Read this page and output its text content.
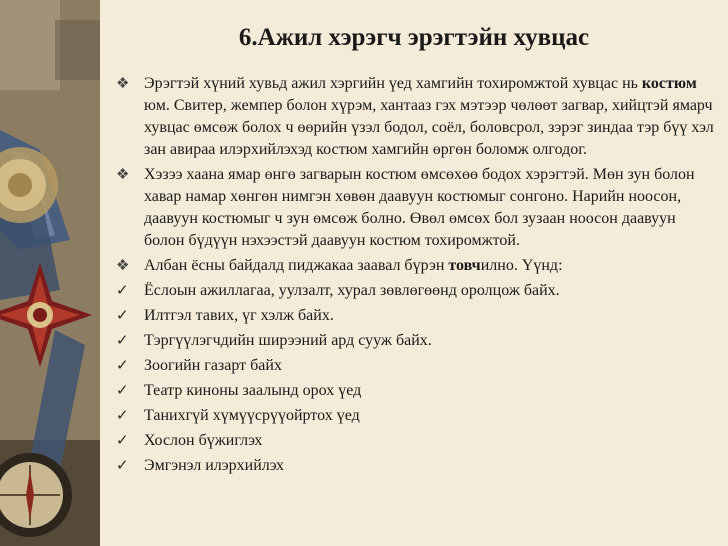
6.Ажил хэрэгч эрэгтэйн хувцас
❖ Эрэгтэй хүний хувьд ажил хэргийн үед хамгийн тохиромжтой хувцас нь костюм юм. Свитер, жемпер болон хүрэм, хантааз гэх мэтээр чөлөөт загвар, хийцтэй ямарч хувцас өмсөж болох ч өөрийн үзэл бодол, соёл, боловсрол, зэрэг зиндаа тэр бүү хэл зан авираа илэрхийлэхэд костюм хамгийн өргөн боломж олгодог.
❖ Хэзээ хаана ямар өнгө загварын костюм өмсөхөө бодох хэрэгтэй. Мөн зун болон хавар намар хөнгөн нимгэн хөвөн даавуун костюмыг сонгоно. Нарийн ноосон, даавуун костюмыг ч зун өмсөж болно. Өвөл өмсөх бол зузаан ноосон даавуун болон бүдүүн нэхээстэй даавуун костюм тохиромжтой.
❖ Албан ёсны байдалд пиджакаа заавал бүрэн товчилно. Үүнд:
✓ Ёслоын ажиллагаа, уулзалт, хурал зөвлөгөөнд оролцож байх.
✓ Илтгэл тавих, үг хэлж байх.
✓ Тэргүүлэгчдийн ширээний ард сууж байх.
✓ Зоогийн газарт байх
✓ Театр киноны заалынд орох үед
✓ Танихгүй хүмүүсрүүойртох үед
✓ Хослон бүжиглэх
✓ Эмгэнэл илэрхийлэх
